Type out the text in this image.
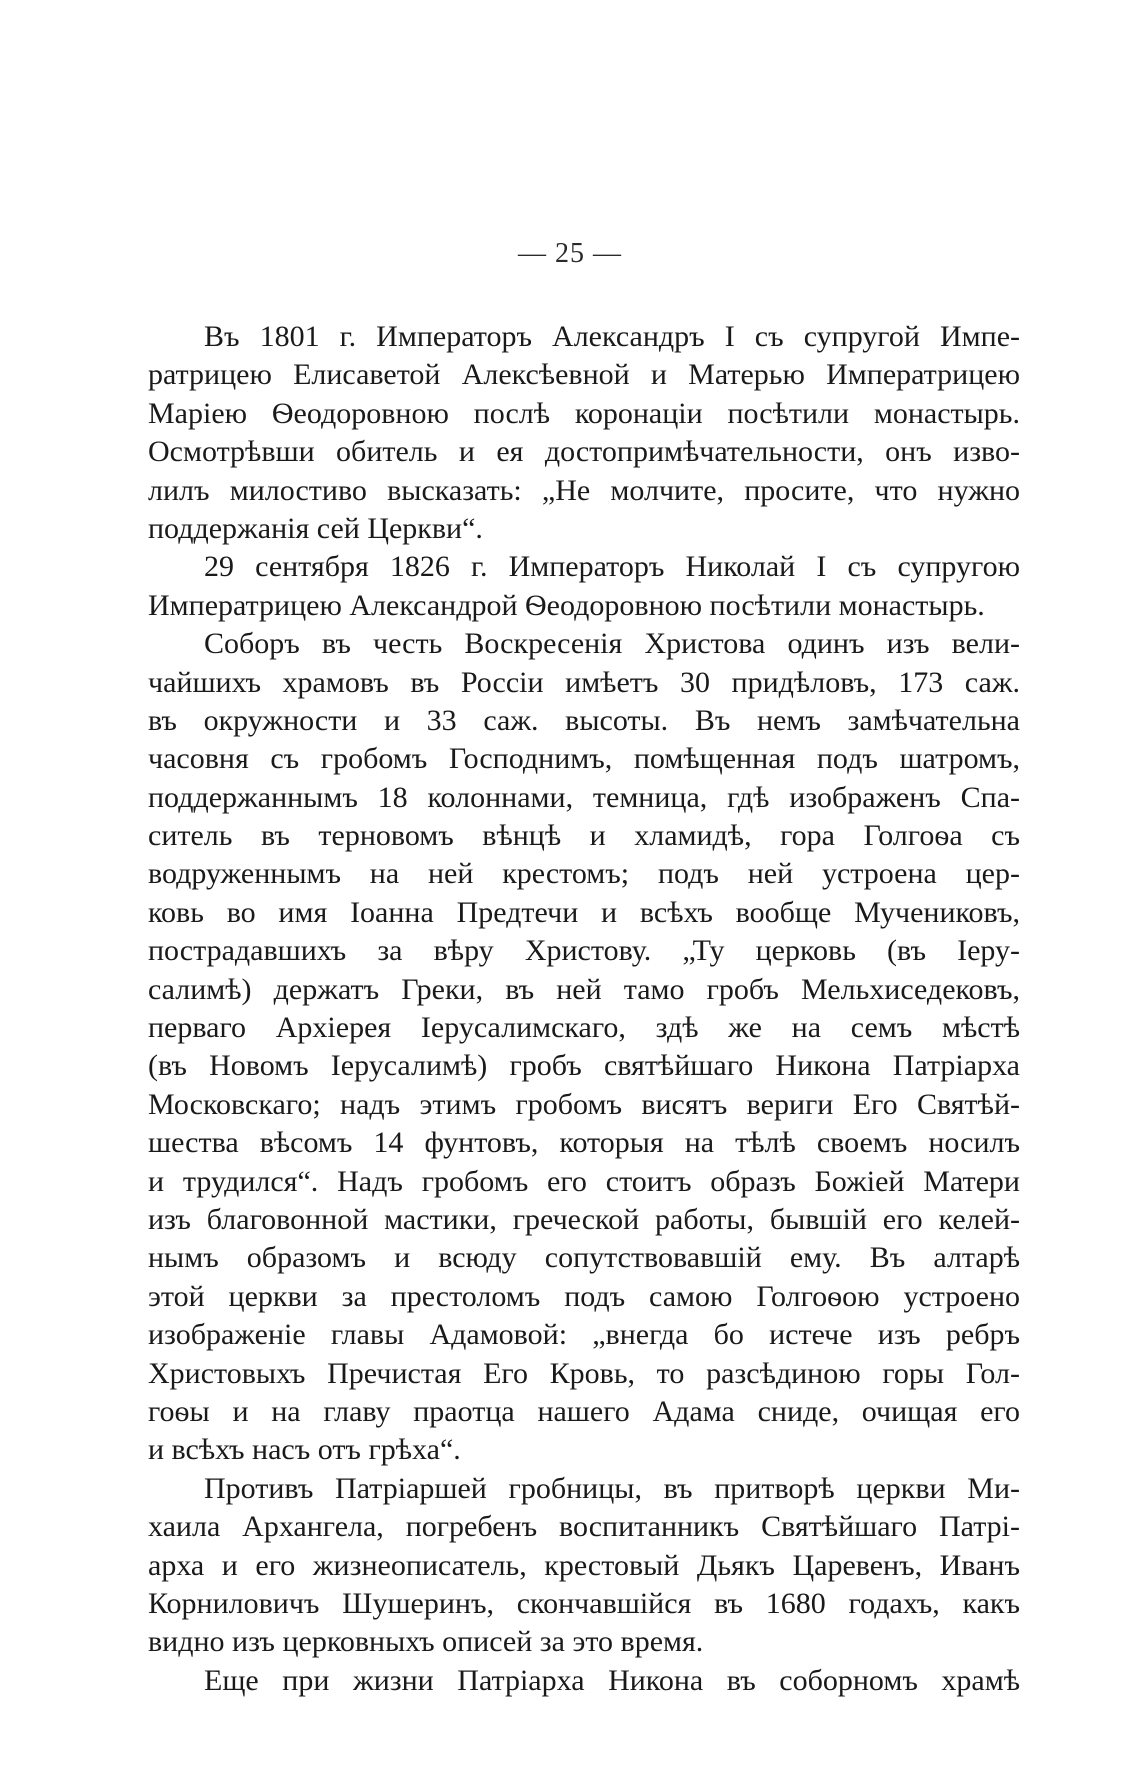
— 25 —
Въ 1801 г. Императоръ Александръ I съ супругой Импе-
ратрицею Елисаветой Алексѣевной и Матерью Императрицею
Маріею Ѳеодоровною послѣ коронаціи посѣтили монастырь.
Осмотрѣвши обитель и ея достопримѣчательности, онъ изво-
лилъ милостиво высказать: „Не молчите, просите, что нужно
поддержанія сей Церкви“.
29 сентября 1826 г. Императоръ Николай I съ супругою
Императрицею Александрой Ѳеодоровною посѣтили монастырь.
Соборъ въ честь Воскресенія Христова одинъ изъ вели-
чайшихъ храмовъ въ Россіи имѣетъ 30 придѣловъ, 173 саж.
въ окружности и 33 саж. высоты. Въ немъ замѣчательна
часовня съ гробомъ Господнимъ, помѣщенная подъ шатромъ,
поддержаннымъ 18 колоннами, темница, гдѣ изображенъ Спа-
ситель въ терновомъ вѣнцѣ и хламидѣ, гора Голгоѳа съ
водруженнымъ на ней крестомъ; подъ ней устроена цер-
ковь во имя Іоанна Предтечи и всѣхъ вообще Мучениковъ,
пострадавшихъ за вѣру Христову. „Ту церковь (въ Іеру-
салимѣ) держатъ Греки, въ ней тамо гробъ Мельхиседековъ,
перваго Архіерея Іерусалимскаго, здѣ же на семъ мѣстѣ
(въ Новомъ Іерусалимѣ) гробъ святѣйшаго Никона Патріарха
Московскаго; надъ этимъ гробомъ висятъ вериги Его Святѣй-
шества вѣсомъ 14 фунтовъ, которыя на тѣлѣ своемъ носилъ
и трудился“. Надъ гробомъ его стоитъ образъ Божіей Матери
изъ благовонной мастики, греческой работы, бывшій его келей-
нымъ образомъ и всюду сопутствовавшій ему. Въ алтарѣ
этой церкви за престоломъ подъ самою Голгоѳою устроено
изображеніе главы Адамовой: „внегда бо истече изъ ребръ
Христовыхъ Пречистая Его Кровь, то разсѣдиною горы Гол-
гоѳы и на главу праотца нашего Адама сниде, очищая его
и всѣхъ насъ отъ грѣха“.
Противъ Патріаршей гробницы, въ притворѣ церкви Ми-
хаила Архангела, погребенъ воспитанникъ Святѣйшаго Патрі-
арха и его жизнеописатель, крестовый Дьякъ Царевенъ, Иванъ
Корниловичъ Шушеринъ, скончавшійся въ 1680 годахъ, какъ
видно изъ церковныхъ описей за это время.
Еще при жизни Патріарха Никона въ соборномъ храмѣ
